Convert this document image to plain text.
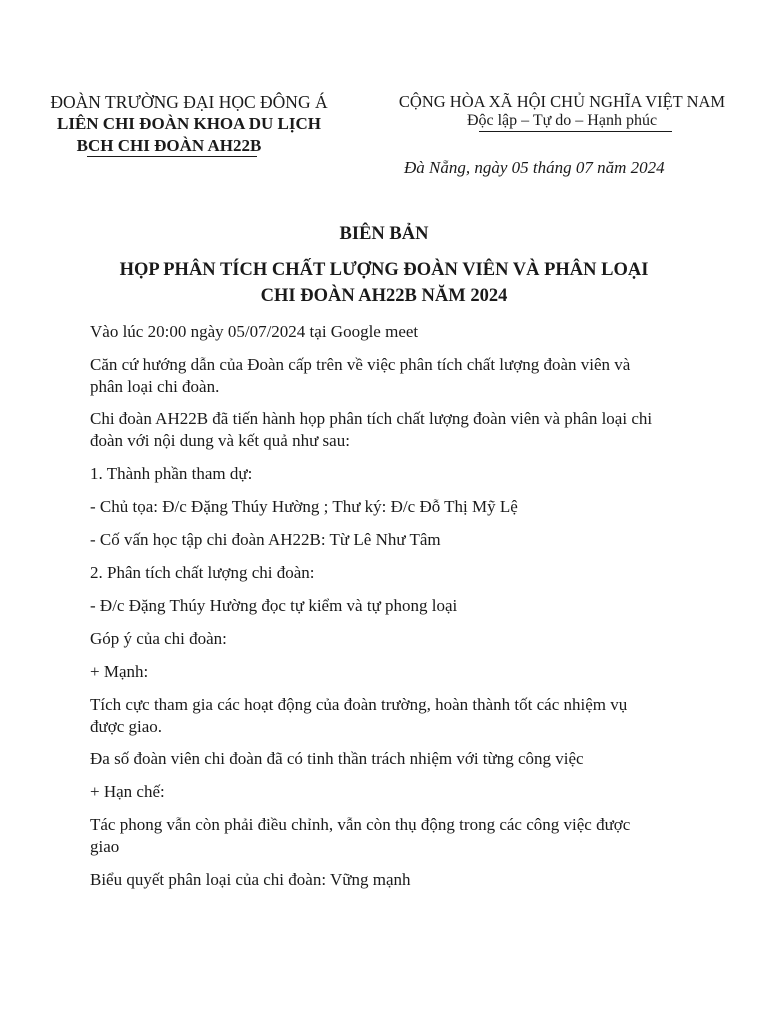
ĐOÀN TRƯỜNG ĐẠI HỌC ĐÔNG Á
LIÊN CHI ĐOÀN KHOA DU LỊCH
BCH CHI ĐOÀN AH22B
CỘNG HÒA XÃ HỘI CHỦ NGHĨA VIỆT NAM
Độc lập – Tự do – Hạnh phúc
Đà Nẵng, ngày 05 tháng 07 năm 2024
BIÊN BẢN
HỌP PHÂN TÍCH CHẤT LƯỢNG ĐOÀN VIÊN VÀ PHÂN LOẠI
CHI ĐOÀN AH22B NĂM 2024
Vào lúc 20:00 ngày 05/07/2024 tại Google meet
Căn cứ hướng dẫn của Đoàn cấp trên về việc phân tích chất lượng đoàn viên và
phân loại chi đoàn.
Chi đoàn AH22B đã tiến hành họp phân tích chất lượng đoàn viên và phân loại chi
đoàn với nội dung và kết quả như sau:
1. Thành phần tham dự:
- Chủ tọa: Đ/c Đặng Thúy Hường ; Thư ký: Đ/c Đỗ Thị Mỹ Lệ
- Cố vấn học tập chi đoàn AH22B: Từ Lê Như Tâm
2. Phân tích chất lượng chi đoàn:
- Đ/c Đặng Thúy Hường đọc tự kiểm và tự phong loại
Góp ý của chi đoàn:
+ Mạnh:
Tích cực tham gia các hoạt động của đoàn trường, hoàn thành tốt các nhiệm vụ
được giao.
Đa số đoàn viên chi đoàn đã có tinh thần trách nhiệm với từng công việc
+ Hạn chế:
Tác phong vẫn còn phải điều chỉnh, vẫn còn thụ động trong các công việc được
giao
Biểu quyết phân loại của chi đoàn: Vững mạnh
